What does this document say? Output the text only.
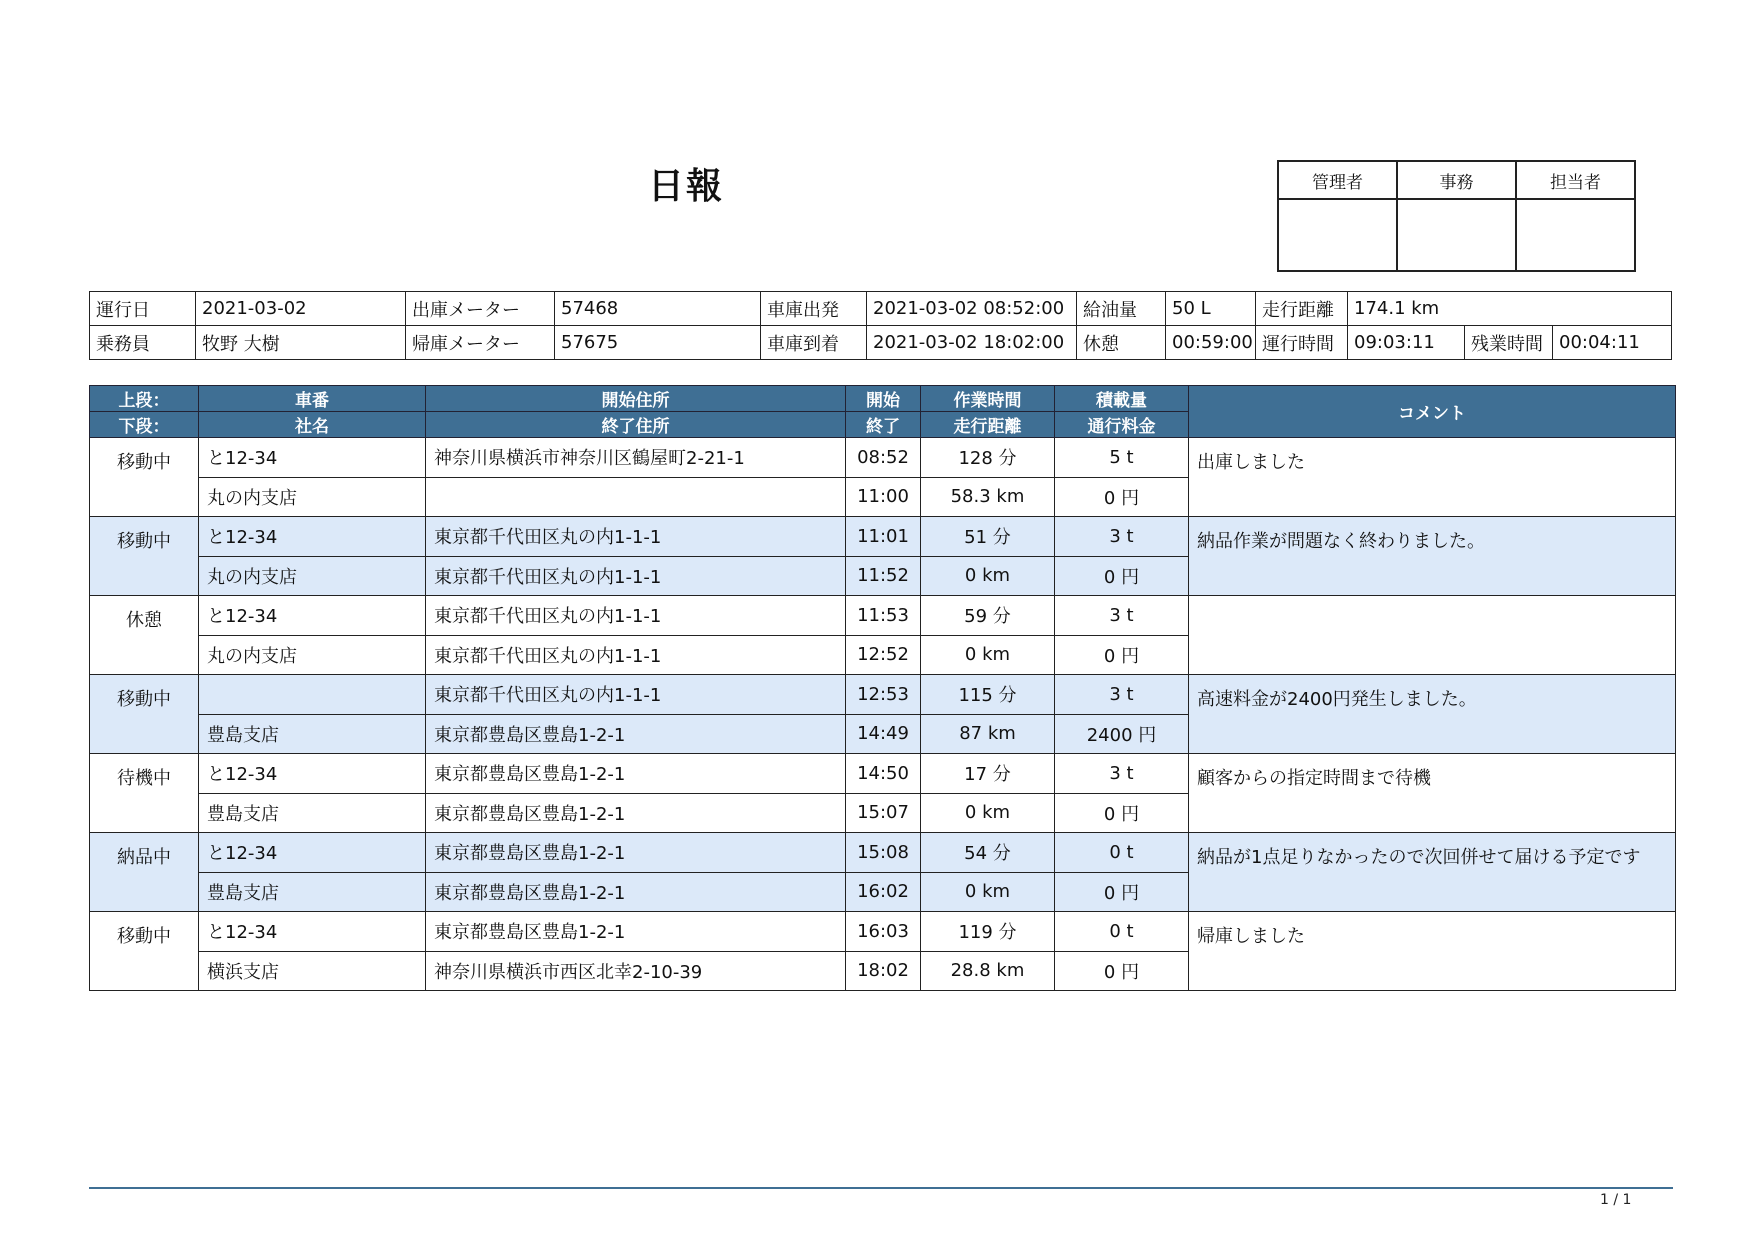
日報	管理者	事務	担当者

運行日	2021-03-02	出庫メーター	57468	車庫出発	2021-03-02 08:52:00	給油量	50 L	走行距離	174.1 km		
乗務員	牧野 大樹	帰庫メーター	57675	車庫到着	2021-03-02 18:02:00	休憩	00:59:00	運行時間	09:03:11	残業時間	00:04:11
上段：	車番	開始住所	開始	作業時間	積載量	コメント
下段：	社名	終了住所	終了	走行距離	通行料金	
移動中	と12-34	神奈川県横浜市神奈川区鶴屋町2-21-1	08:52	128 分	5 t	出庫しました
	丸の内支店		11:00	58.3 km	0 円	
移動中	と12-34	東京都千代田区丸の内1-1-1	11:01	51 分	3 t	納品作業が問題なく終わりました。
	丸の内支店	東京都千代田区丸の内1-1-1	11:52	0 km	0 円	
休憩	と12-34	東京都千代田区丸の内1-1-1	11:53	59 分	3 t	
	丸の内支店	東京都千代田区丸の内1-1-1	12:52	0 km	0 円	
移動中		東京都千代田区丸の内1-1-1	12:53	115 分	3 t	高速料金が2400円発生しました。
	豊島支店	東京都豊島区豊島1-2-1	14:49	87 km	2400 円	
待機中	と12-34	東京都豊島区豊島1-2-1	14:50	17 分	3 t	顧客からの指定時間まで待機
	豊島支店	東京都豊島区豊島1-2-1	15:07	0 km	0 円	
納品中	と12-34	東京都豊島区豊島1-2-1	15:08	54 分	0 t	納品が1点足りなかったので次回併せて届ける予定です
	豊島支店	東京都豊島区豊島1-2-1	16:02	0 km	0 円	
移動中	と12-34	東京都豊島区豊島1-2-1	16:03	119 分	0 t	帰庫しました
	横浜支店	神奈川県横浜市西区北幸2-10-39	18:02	28.8 km	0 円	
1 / 1
